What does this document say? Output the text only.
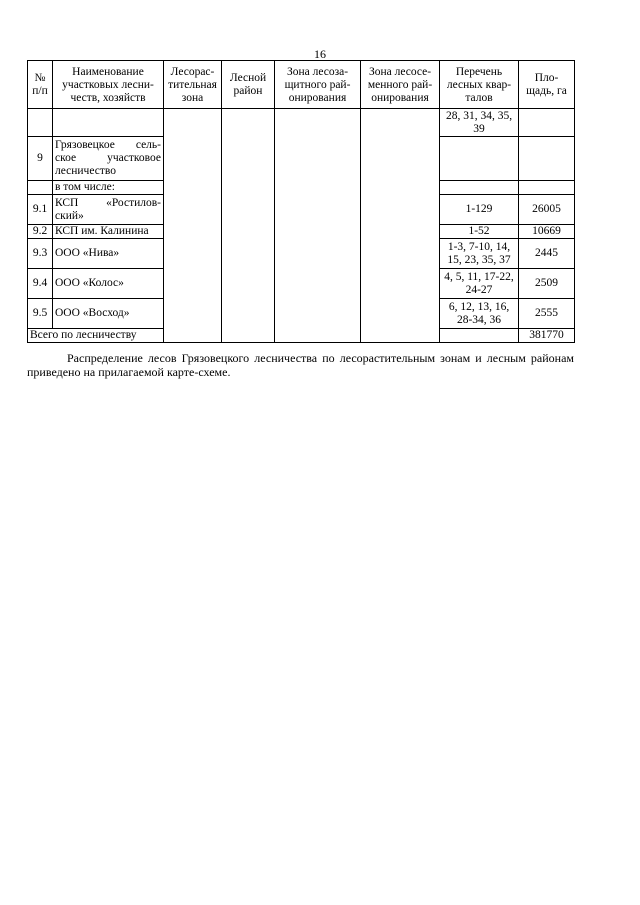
16
№ п/п	Наименование участковых лесни-честв, хозяйств	Лесорас-тительная зона	Лесной район	Зона лесоза-щитного рай-онирования	Зона лесосе-менного рай-онирования	Перечень лесных квар-талов	Пло-щадь, га
						28, 31, 34, 35, 39	
9	Грязовецкое сель-ское участковое лесничество						
	в том числе:						
9.1	КСП «Ростилов-ский»					1-129	26005
9.2	КСП им. Калинина					1-52	10669
9.3	ООО «Нива»					1-3, 7-10, 14, 15, 23, 35, 37	2445
9.4	ООО «Колос»					4, 5, 11, 17-22, 24-27	2509
9.5	ООО «Восход»					6, 12, 13, 16, 28-34, 36	2555
Всего по лесничеству							381770

Распределение лесов Грязовецкого лесничества по лесорастительным зонам и лесным районам приведено на прилагаемой карте-схеме.
